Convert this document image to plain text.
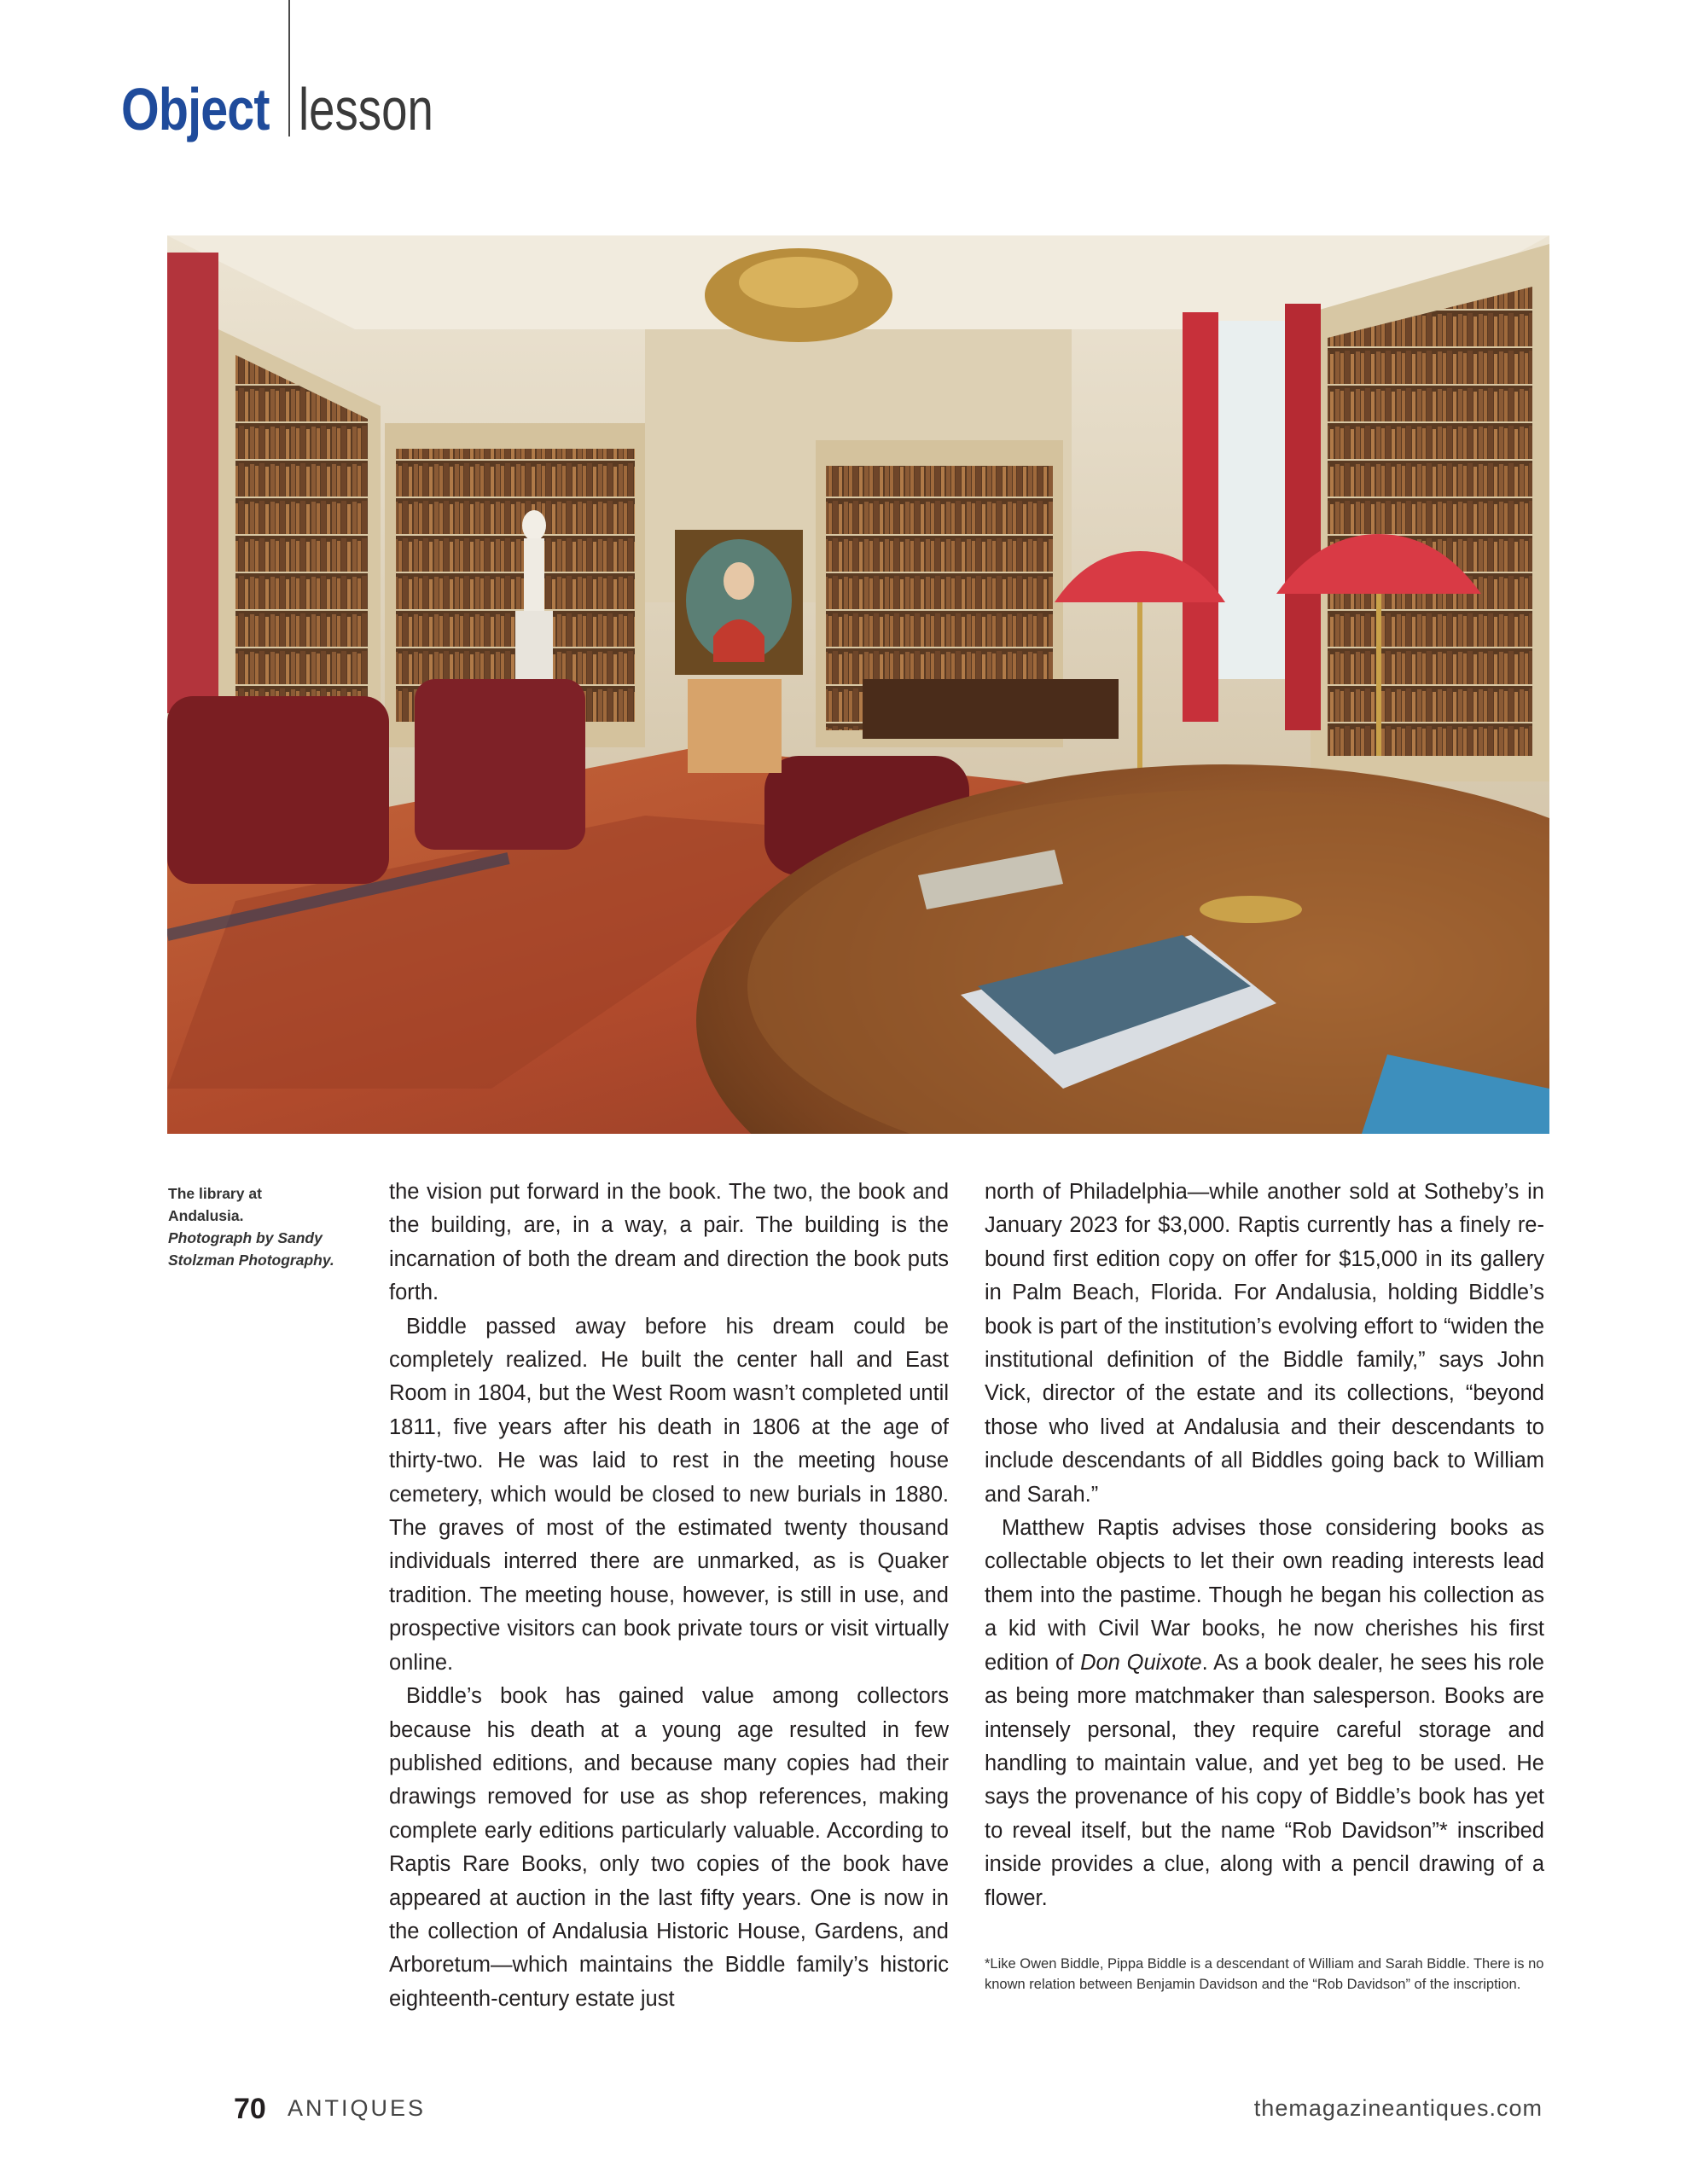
Object lesson
The library at Andalusia.
Photograph by Sandy Stolzman Photography.

the vision put forward in the book. The two, the book and the building, are, in a way, a pair. The building is the incarnation of both the dream and direction the book puts forth.

Biddle passed away before his dream could be completely realized. He built the center hall and East Room in 1804, but the West Room wasn’t completed until 1811, five years after his death in 1806 at the age of thirty-two. He was laid to rest in the meeting house cemetery, which would be closed to new burials in 1880. The graves of most of the estimated twenty thousand individuals interred there are unmarked, as is Quaker tradition. The meeting house, however, is still in use, and prospective visitors can book private tours or visit virtually online.

Biddle’s book has gained value among collectors because his death at a young age resulted in few published editions, and because many copies had their drawings removed for use as shop references, making complete early editions particularly valuable. According to Raptis Rare Books, only two copies of the book have appeared at auction in the last fifty years. One is now in the collection of Andalusia Historic House, Gardens, and Arboretum—which maintains the Biddle family’s historic eighteenth-century estate just

north of Philadelphia—while another sold at Sotheby’s in January 2023 for $3,000. Raptis currently has a finely re-bound first edition copy on offer for $15,000 in its gallery in Palm Beach, Florida. For Andalusia, holding Biddle’s book is part of the institution’s evolving effort to “widen the institutional definition of the Biddle family,” says John Vick, director of the estate and its collections, “beyond those who lived at Andalusia and their descendants to include descendants of all Biddles going back to William and Sarah.”

Matthew Raptis advises those considering books as collectable objects to let their own reading interests lead them into the pastime. Though he began his collection as a kid with Civil War books, he now cherishes his first edition of Don Quixote. As a book dealer, he sees his role as being more matchmaker than salesperson. Books are intensely personal, they require careful storage and handling to maintain value, and yet beg to be used. He says the provenance of his copy of Biddle’s book has yet to reveal itself, but the name “Rob Davidson”* inscribed inside provides a clue, along with a pencil drawing of a flower.

*Like Owen Biddle, Pippa Biddle is a descendant of William and Sarah Biddle. There is no known relation between Benjamin Davidson and the “Rob Davidson” of the inscription.
70 ANTIQUES	themagazineantiques.com
